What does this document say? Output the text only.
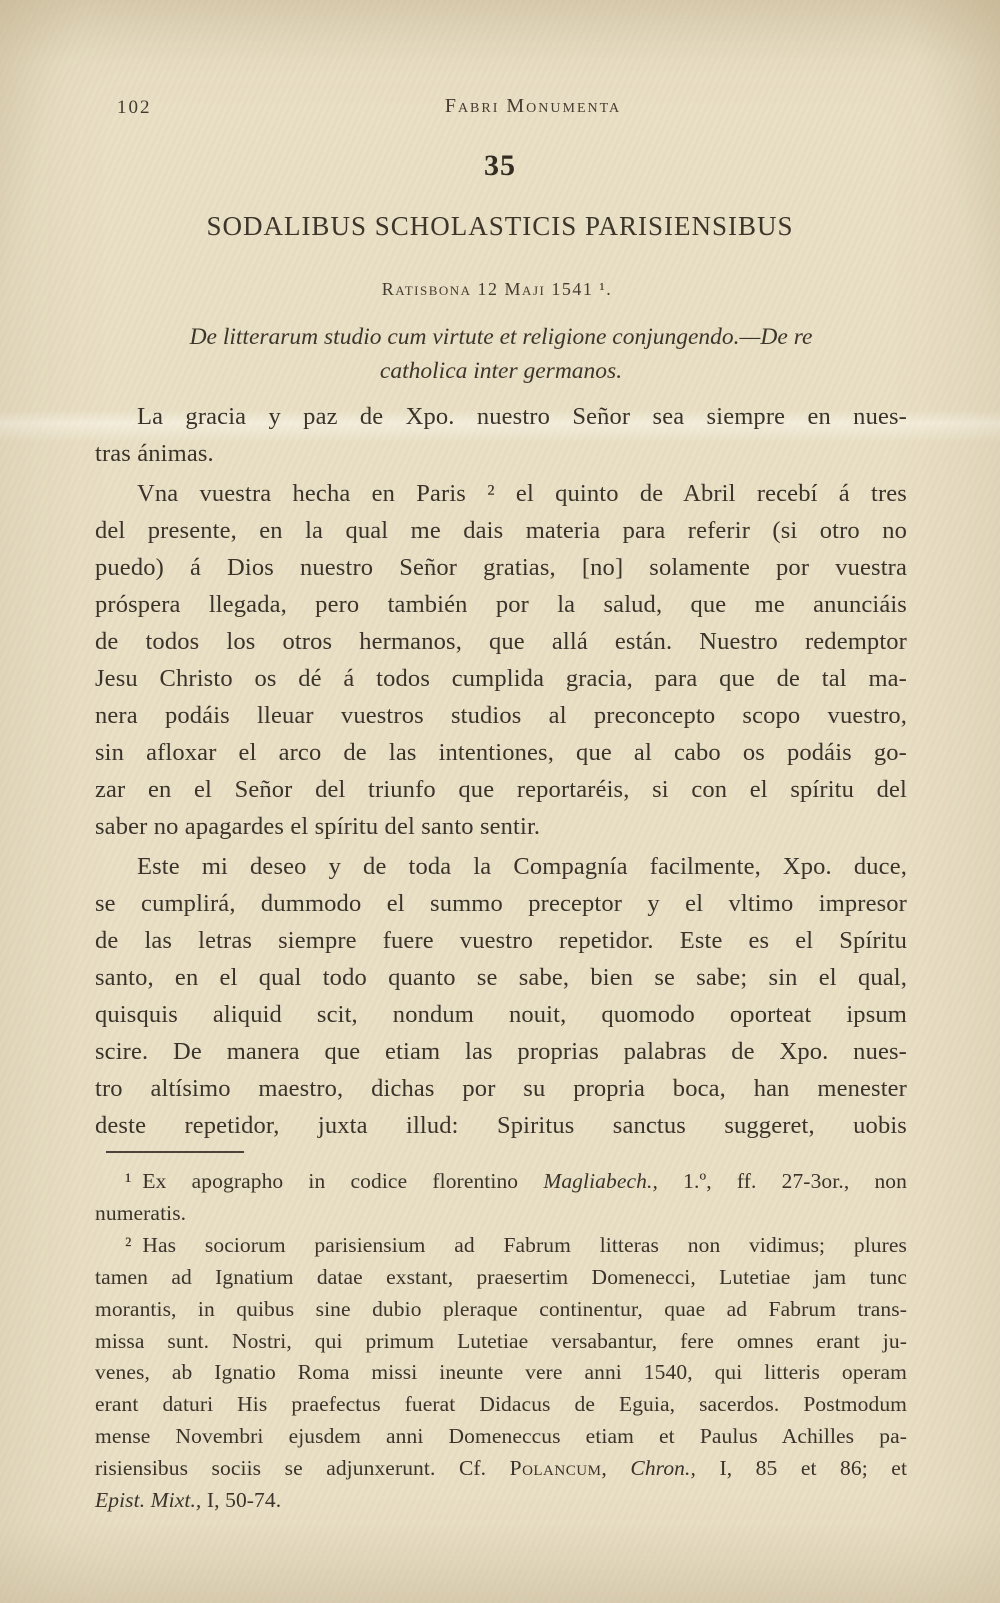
102	Fabri Monumenta
35
SODALIBUS SCHOLASTICIS PARISIENSIBUS
Ratisbona 12 Maji 1541 ¹.
De litterarum studio cum virtute et religione conjungendo.—De re
catholica inter germanos.
La gracia y paz de Xpo. nuestro Señor sea siempre en nues-
tras ánimas.
Vna vuestra hecha en Paris ² el quinto de Abril recebí á tres
del presente, en la qual me dais materia para referir (si otro no
puedo) á Dios nuestro Señor gratias, [no] solamente por vuestra
próspera llegada, pero también por la salud, que me anunciáis
de todos los otros hermanos, que allá están. Nuestro redemptor
Jesu Christo os dé á todos cumplida gracia, para que de tal ma-
nera podáis lleuar vuestros studios al preconcepto scopo vuestro,
sin afloxar el arco de las intentiones, que al cabo os podáis go-
zar en el Señor del triunfo que reportaréis, si con el spíritu del
saber no apagardes el spíritu del santo sentir.
Este mi deseo y de toda la Compagnía facilmente, Xpo. duce,
se cumplirá, dummodo el summo preceptor y el vltimo impresor
de las letras siempre fuere vuestro repetidor. Este es el Spíritu
santo, en el qual todo quanto se sabe, bien se sabe; sin el qual,
quisquis aliquid scit, nondum nouit, quomodo oporteat ipsum
scire. De manera que etiam las proprias palabras de Xpo. nues-
tro altísimo maestro, dichas por su propria boca, han menester
deste repetidor, juxta illud: Spiritus sanctus suggeret, uobis
¹ Ex apographo in codice florentino Magliabech., 1.º, ff. 27-3or., non
numeratis.
² Has sociorum parisiensium ad Fabrum litteras non vidimus; plures
tamen ad Ignatium datae exstant, praesertim Domenecci, Lutetiae jam tunc
morantis, in quibus sine dubio pleraque continentur, quae ad Fabrum trans-
missa sunt. Nostri, qui primum Lutetiae versabantur, fere omnes erant ju-
venes, ab Ignatio Roma missi ineunte vere anni 1540, qui litteris operam
erant daturi His praefectus fuerat Didacus de Eguia, sacerdos. Postmodum
mense Novembri ejusdem anni Domeneccus etiam et Paulus Achilles pa-
risiensibus sociis se adjunxerunt. Cf. Polancum, Chron., I, 85 et 86; et
Epist. Mixt., I, 50-74.
